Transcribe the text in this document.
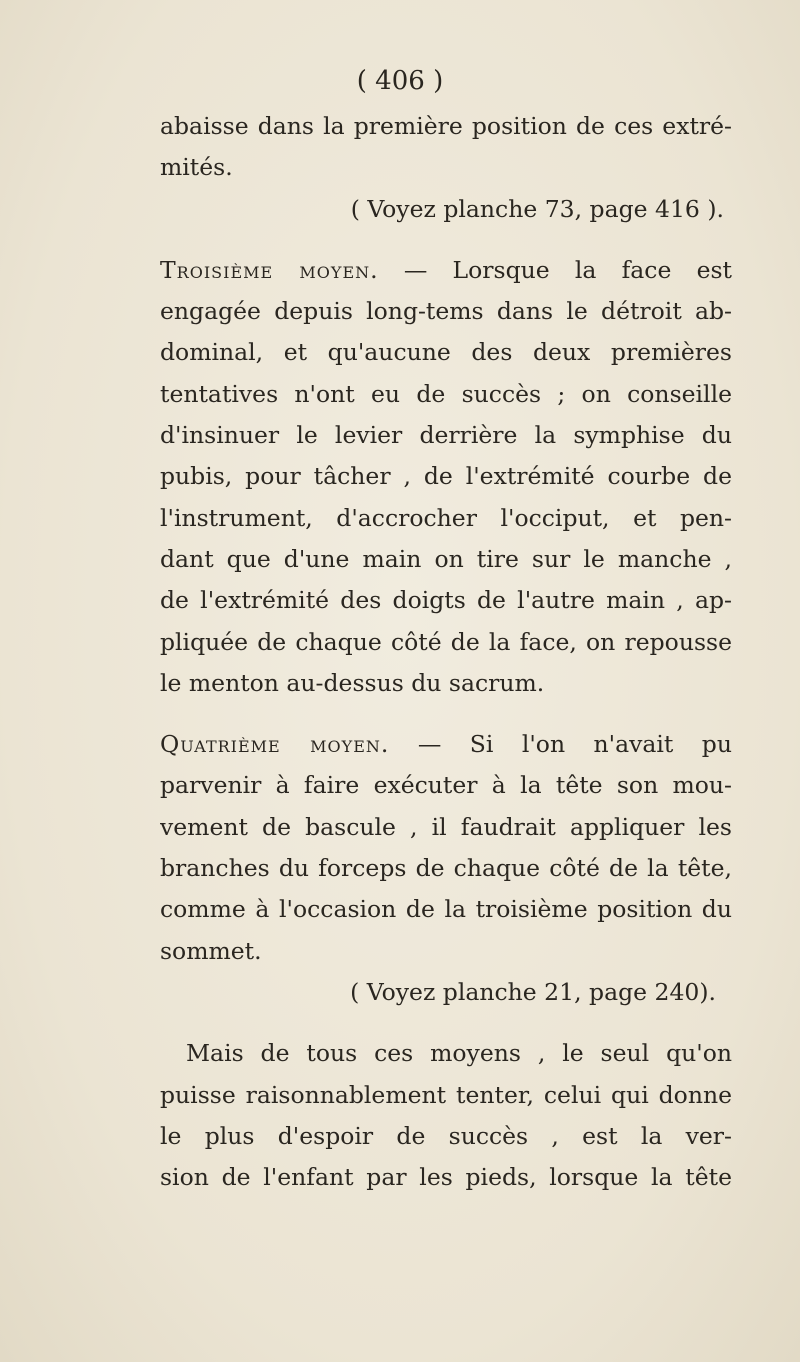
( 406 )
abaisse dans la première position de ces extré-
mités.
( Voyez planche 73, page 416 ).
Troisième moyen. — Lorsque la face est
engagée depuis long-tems dans le détroit ab-
dominal, et qu'aucune des deux premières
tentatives n'ont eu de succès ; on conseille
d'insinuer le levier derrière la symphise du
pubis, pour tâcher , de l'extrémité courbe de
l'instrument, d'accrocher l'occiput, et pen-
dant que d'une main on tire sur le manche ,
de l'extrémité des doigts de l'autre main , ap-
pliquée de chaque côté de la face, on repousse
le menton au-dessus du sacrum.
Quatrième moyen. — Si l'on n'avait pu
parvenir à faire exécuter à la tête son mou-
vement de bascule , il faudrait appliquer les
branches du forceps de chaque côté de la tête,
comme à l'occasion de la troisième position du
sommet.
( Voyez planche 21, page 240).
Mais de tous ces moyens , le seul qu'on
puisse raisonnablement tenter, celui qui donne
le plus d'espoir de succès , est la ver-
sion de l'enfant par les pieds, lorsque la tête
